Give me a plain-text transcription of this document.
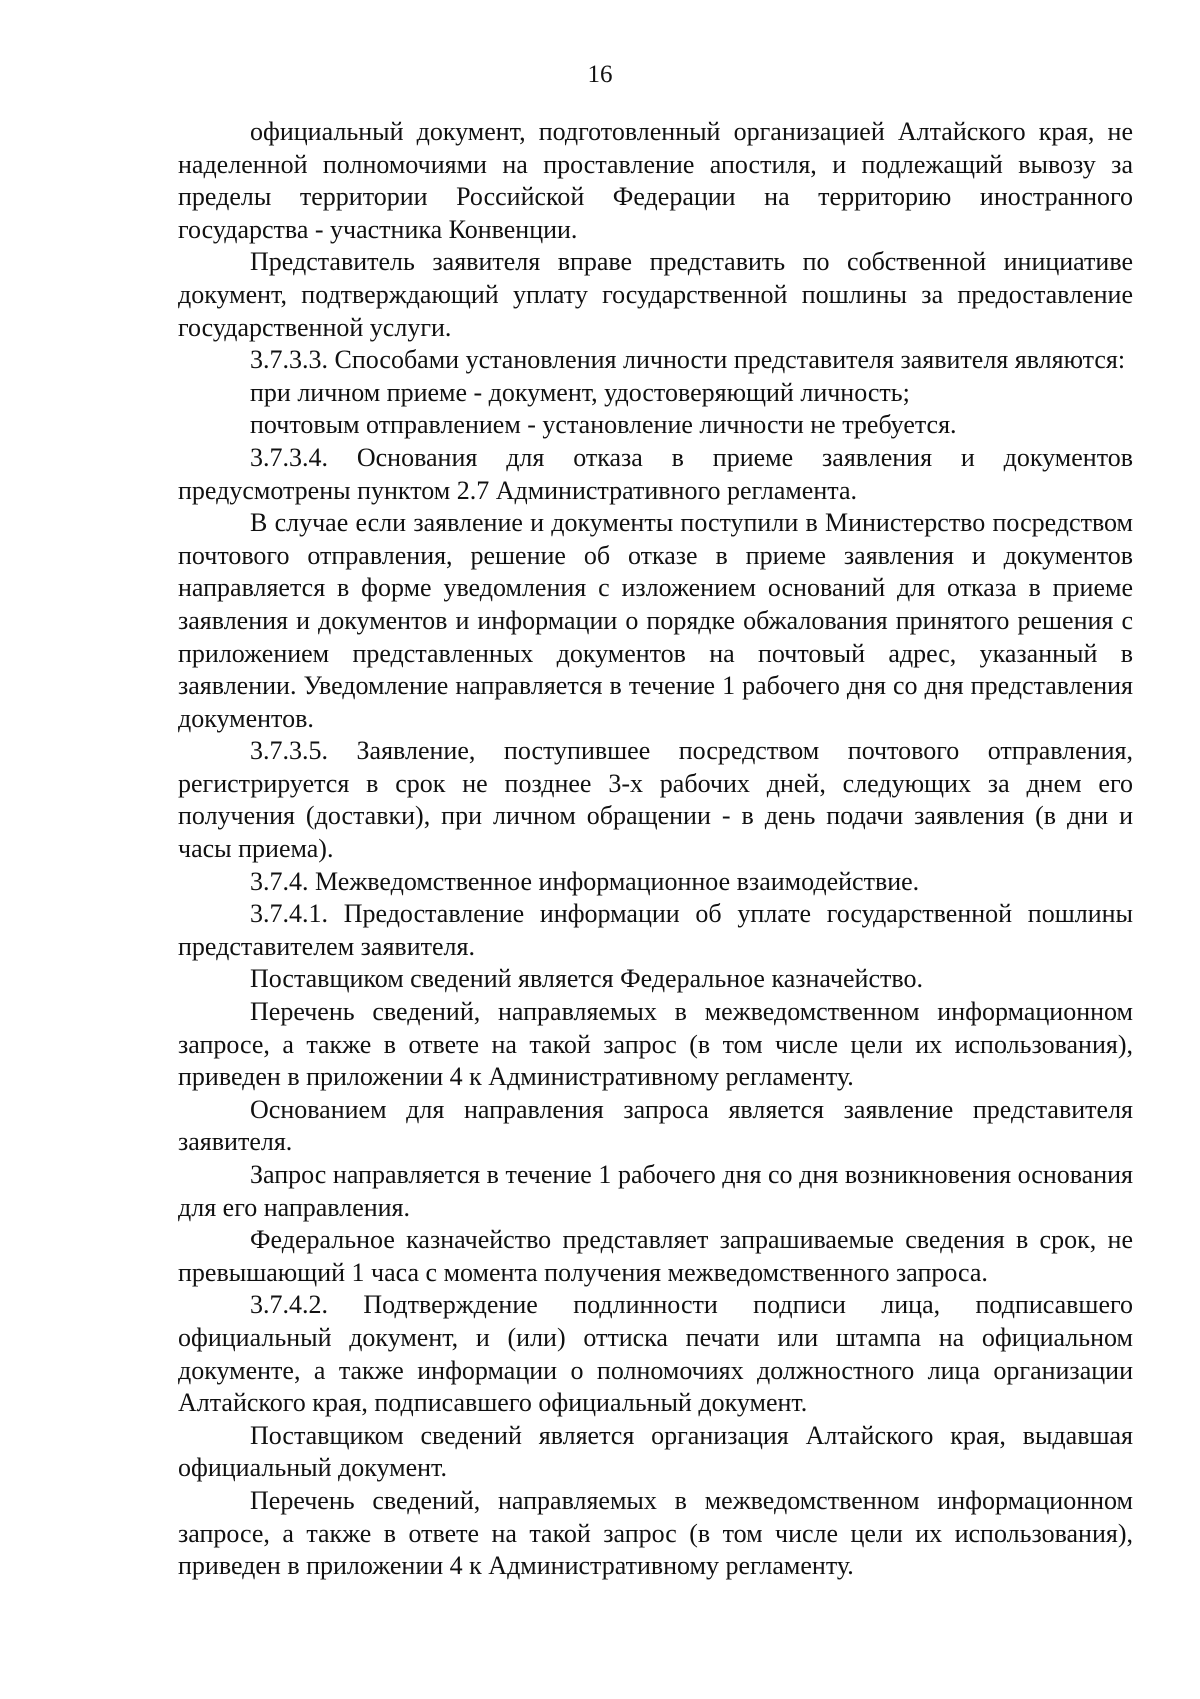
16

официальный документ, подготовленный организацией Алтайского края, не наделенной полномочиями на проставление апостиля, и подлежащий вывозу за пределы территории Российской Федерации на территорию иностранного государства - участника Конвенции.

Представитель заявителя вправе представить по собственной инициативе документ, подтверждающий уплату государственной пошлины за предоставление государственной услуги.

3.7.3.3. Способами установления личности представителя заявителя являются:

при личном приеме - документ, удостоверяющий личность;

почтовым отправлением - установление личности не требуется.

3.7.3.4. Основания для отказа в приеме заявления и документов предусмотрены пунктом 2.7 Административного регламента.

В случае если заявление и документы поступили в Министерство посредством почтового отправления, решение об отказе в приеме заявления и документов направляется в форме уведомления с изложением оснований для отказа в приеме заявления и документов и информации о порядке обжалования принятого решения с приложением представленных документов на почтовый адрес, указанный в заявлении. Уведомление направляется в течение 1 рабочего дня со дня представления документов.

3.7.3.5. Заявление, поступившее посредством почтового отправления, регистрируется в срок не позднее 3-х рабочих дней, следующих за днем его получения (доставки), при личном обращении - в день подачи заявления (в дни и часы приема).

3.7.4. Межведомственное информационное взаимодействие.

3.7.4.1. Предоставление информации об уплате государственной пошлины представителем заявителя.

Поставщиком сведений является Федеральное казначейство.

Перечень сведений, направляемых в межведомственном информационном запросе, а также в ответе на такой запрос (в том числе цели их использования), приведен в приложении 4 к Административному регламенту.

Основанием для направления запроса является заявление представителя заявителя.

Запрос направляется в течение 1 рабочего дня со дня возникновения основания для его направления.

Федеральное казначейство представляет запрашиваемые сведения в срок, не превышающий 1 часа с момента получения межведомственного запроса.

3.7.4.2. Подтверждение подлинности подписи лица, подписавшего официальный документ, и (или) оттиска печати или штампа на официальном документе, а также информации о полномочиях должностного лица организации Алтайского края, подписавшего официальный документ.

Поставщиком сведений является организация Алтайского края, выдавшая официальный документ.

Перечень сведений, направляемых в межведомственном информационном запросе, а также в ответе на такой запрос (в том числе цели их использования), приведен в приложении 4 к Административному регламенту.
